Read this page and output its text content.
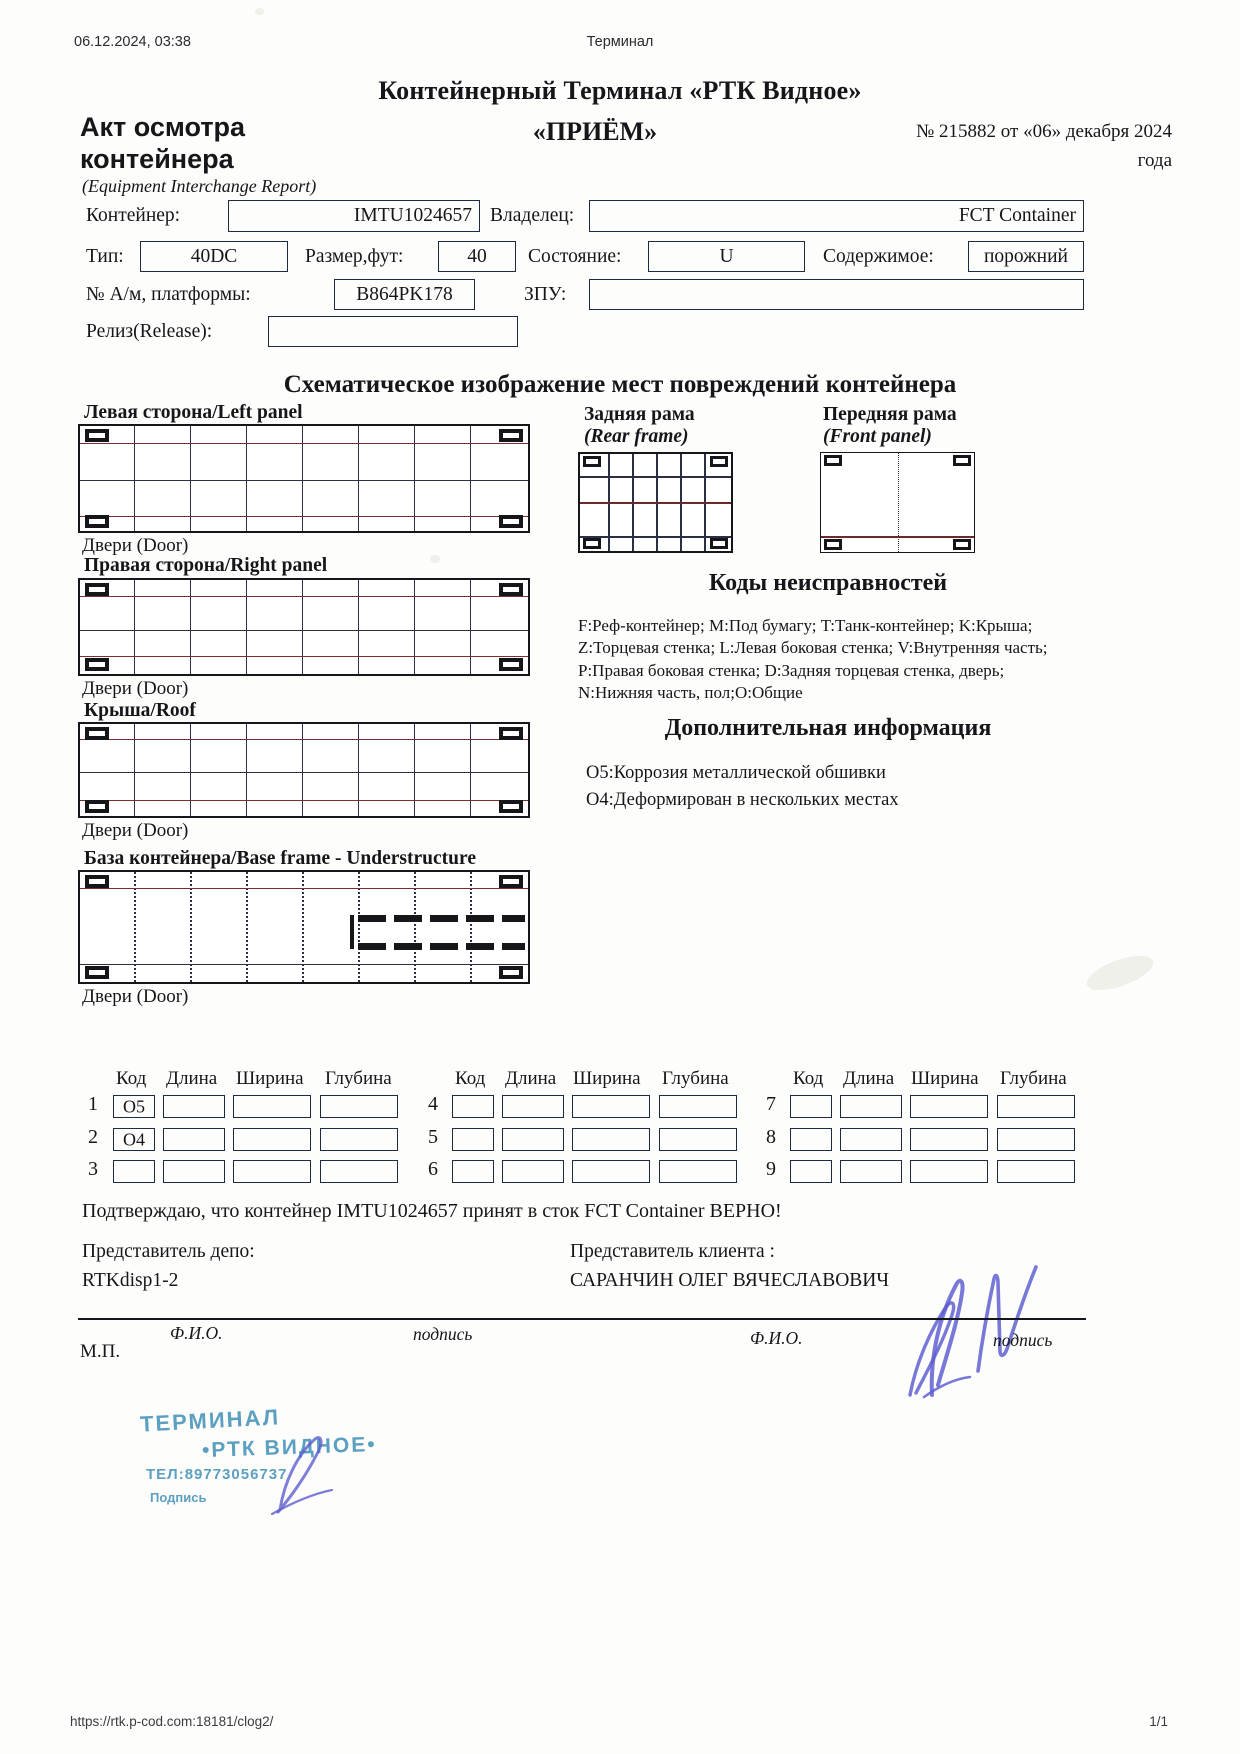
06.12.2024, 03:38	Терминал
Контейнерный Терминал «РТК Видное»
Акт осмотра
контейнера
«ПРИЁМ»
(Equipment Interchange Report)
№ 215882 от «06» декабря 2024
года
Контейнер:	IMTU1024657 Владелец:	FCT Container
Тип:	40DC	Размер,фут:	40	Состояние:	U	Содержимое:	порожний
№ А/м, платформы:	B864PK178	ЗПУ:
Релиз(Release):
Схематическое изображение мест повреждений контейнера
Левая сторона/Left panel
Двери (Door)
Правая сторона/Right panel
Двери (Door)
Крыша/Roof
Двери (Door)
База контейнера/Base frame - Understructure
Двери (Door)
Задняя рама
(Rear frame)
Передняя рама
(Front panel)
Коды неисправностей
F:Реф-контейнер; M:Под бумагу; T:Танк-контейнер; K:Крыша;
Z:Торцевая стенка; L:Левая боковая стенка; V:Внутренняя часть;
P:Правая боковая стенка; D:Задняя торцевая стенка, дверь;
N:Нижняя часть, пол;O:Общие
Дополнительная информация
O5:Коррозия металлической обшивки
O4:Деформирован в нескольких местах
Код Длина Ширина Глубина
1	O5
2	O4
3
Код Длина Ширина Глубина
4
5
6
Код Длина Ширина Глубина
7
8
9
Подтверждаю, что контейнер IMTU1024657 принят в сток FCT Container ВЕРНО!
Представитель депо:
RTKdisp1-2
Представитель клиента :
САРАНЧИН ОЛЕГ ВЯЧЕСЛАВОВИЧ
Ф.И.О.	подпись	Ф.И.О.	подпись
М.П.
ТЕРМИНАЛ
•РТК ВИДНОЕ•
ТЕЛ:89773056737
Подпись
https://rtk.p-cod.com:18181/clog2/	1/1
